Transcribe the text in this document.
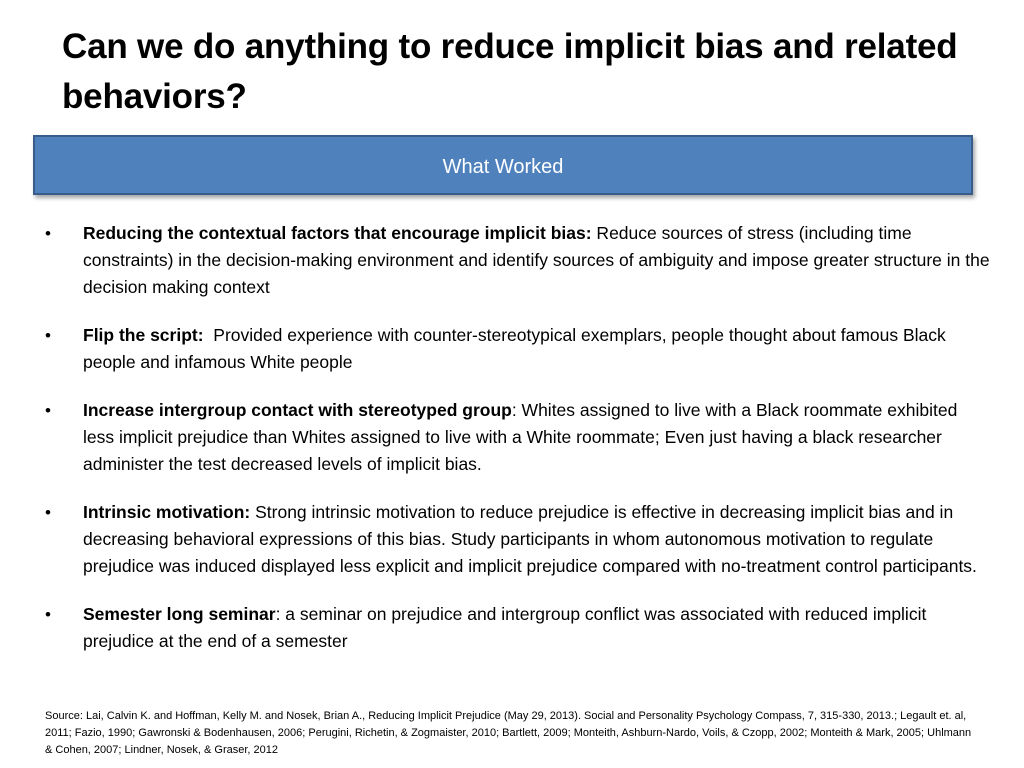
Can we do anything to reduce implicit bias and related behaviors?
What Worked
• Reducing the contextual factors that encourage implicit bias: Reduce sources of stress (including time constraints) in the decision-making environment and identify sources of ambiguity and impose greater structure in the decision making context
• Flip the script:  Provided experience with counter-stereotypical exemplars, people thought about famous Black people and infamous White people
• Increase intergroup contact with stereotyped group: Whites assigned to live with a Black roommate exhibited less implicit prejudice than Whites assigned to live with a White roommate; Even just having a black researcher administer the test decreased levels of implicit bias.
• Intrinsic motivation: Strong intrinsic motivation to reduce prejudice is effective in decreasing implicit bias and in decreasing behavioral expressions of this bias. Study participants in whom autonomous motivation to regulate prejudice was induced displayed less explicit and implicit prejudice compared with no-treatment control participants.
• Semester long seminar: a seminar on prejudice and intergroup conflict was associated with reduced implicit prejudice at the end of a semester

Source: Lai, Calvin K. and Hoffman, Kelly M. and Nosek, Brian A., Reducing Implicit Prejudice (May 29, 2013). Social and Personality Psychology Compass, 7, 315-330, 2013.; Legault et. al, 2011; Fazio, 1990; Gawronski & Bodenhausen, 2006; Perugini, Richetin, & Zogmaister, 2010; Bartlett, 2009; Monteith, Ashburn-Nardo, Voils, & Czopp, 2002; Monteith & Mark, 2005; Uhlmann & Cohen, 2007; Lindner, Nosek, & Graser, 2012
